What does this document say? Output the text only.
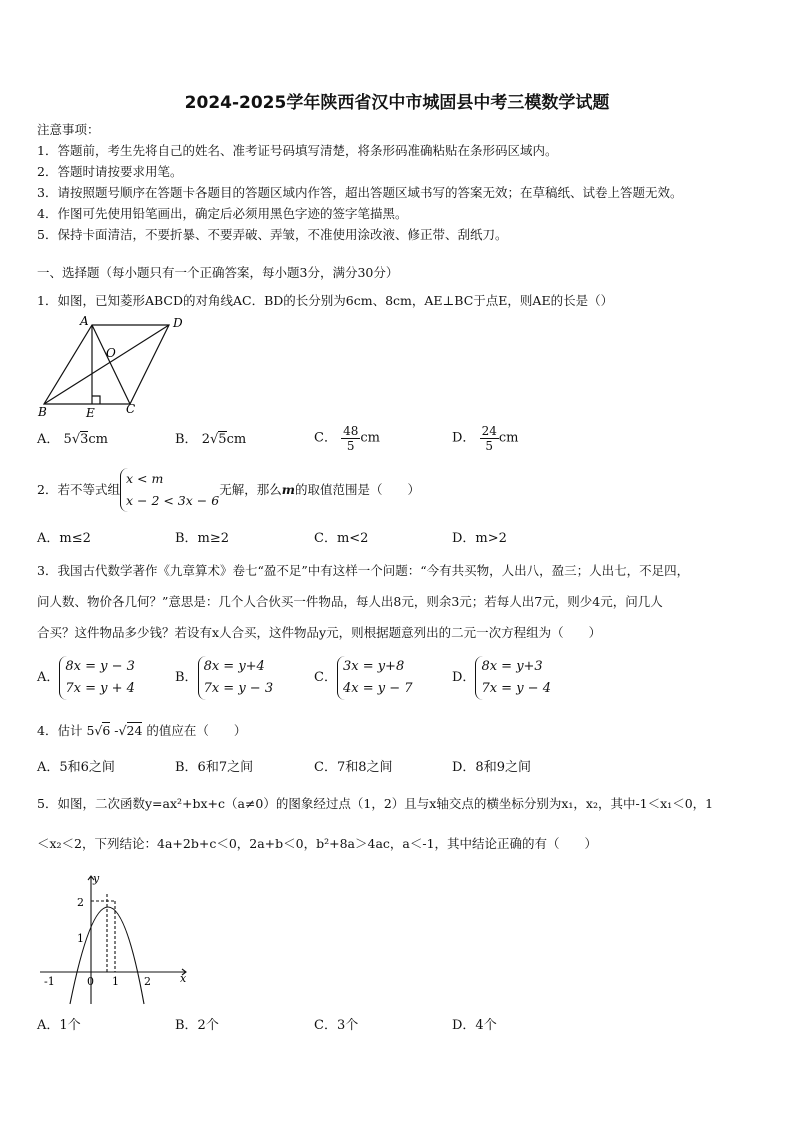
2024-2025学年陕西省汉中市城固县中考三模数学试题
注意事项：
1．答题前，考生先将自己的姓名、准考证号码填写清楚，将条形码准确粘贴在条形码区域内。
2．答题时请按要求用笔。
3．请按照题号顺序在答题卡各题目的答题区域内作答，超出答题区域书写的答案无效；在草稿纸、试卷上答题无效。
4．作图可先使用铅笔画出，确定后必须用黑色字迹的签字笔描黑。
5．保持卡面清洁，不要折暴、不要弄破、弄皱，不准使用涂改液、修正带、刮纸刀。
一、选择题（每小题只有一个正确答案，每小题3分，满分30分）
1．如图，已知菱形ABCD的对角线AC．BD的长分别为6cm、8cm，AE⊥BC于点E，则AE的长是（）
A	D
O
B	E	C
A． 5√3cm	B． 2√5cm	C． $\frac{48}{5}$ cm	D． $\frac{24}{5}$ cm
2．若不等式组x < m
x − 2 < 3x − 6无解，那么m的取值范围是（　　）
A．m≤2	B．m≥2	C．m<2	D．m>2
3．我国古代数学著作《九章算术》卷七“盈不足”中有这样一个问题：“今有共买物，人出八，盈三；人出七，不足四，
问人数、物价各几何？”意思是：几个人合伙买一件物品，每人出8元，则余3元；若每人出7元，则少4元，问几人
合买？这件物品多少钱？若设有x人合买，这件物品y元，则根据题意列出的二元一次方程组为（　　）
A．8x = y − 3
7x = y + 4
B．8x = y+4
7x = y − 3
C．3x = y+8
4x = y − 7
D．8x = y+3
7x = y − 4
4．估计 5√6 -√24 的值应在（　　）
A．5和6之间	B．6和7之间	C．7和8之间	D．8和9之间
5．如图，二次函数y=ax²+bx+c（a≠0）的图象经过点（1，2）且与x轴交点的横坐标分别为x₁，x₂，其中-1＜x₁＜0，1
＜x₂＜2，下列结论：4a+2b+c＜0，2a+b＜0，b²+8a＞4ac，a＜-1，其中结论正确的有（　　）
y
x
2
1
-1	0 1 2
A．1个	B．2个	C．3个	D．4个
